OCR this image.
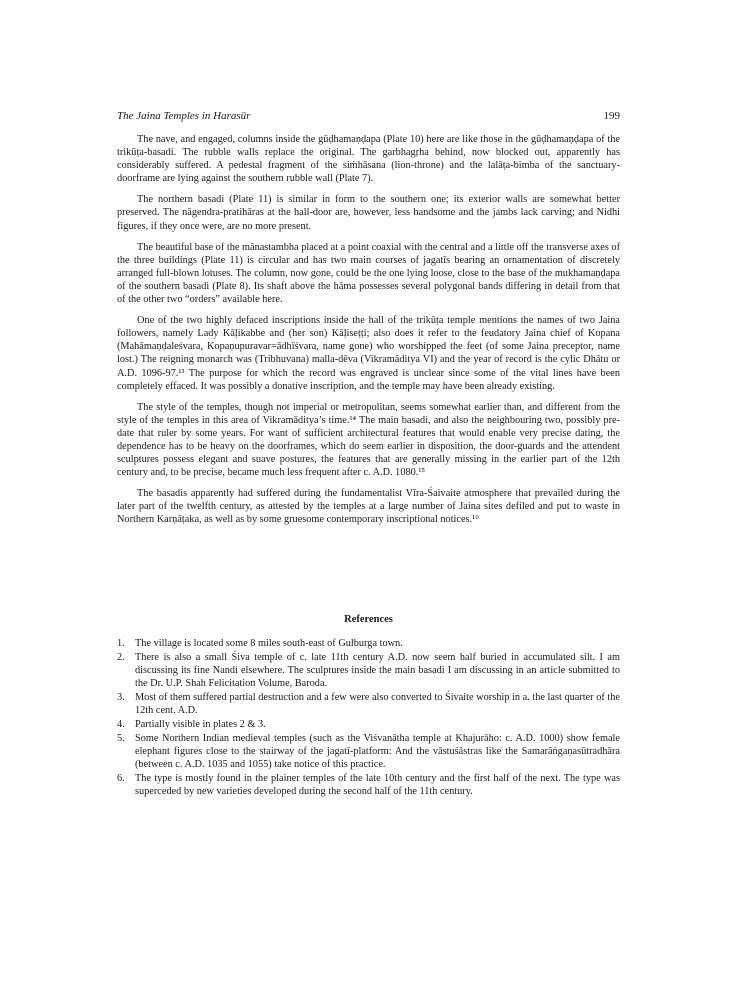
The Jaina Temples in Harasūr	199

The nave, and engaged, columns inside the gūḍhamaṇḍapa (Plate 10) here are like those in the gūḍhamaṇḍapa of the trikūṭa-basadi. The rubble walls replace the original. The garbhagṛha behind, now blocked out, apparently has considerably suffered. A pedestal fragment of the siṁhāsana (lion-throne) and the lalāṭa-bimba of the sanctuary-doorframe are lying against the southern rubble wall (Plate 7).

The northern basadi (Plate 11) is similar in form to the southern one; its exterior walls are somewhat better preserved. The nāgendra-pratihāras at the hall-door are, however, less handsome and the jambs lack carving; and Nidhi figures, if they once were, are no more present.

The beautiful base of the mānastambha placed at a point coaxial with the central and a little off the transverse axes of the three buildings (Plate 11) is circular and has two main courses of jagatīs bearing an ornamentation of discretely arranged full-blown lotuses. The column, now gone, could be the one lying loose, close to the base of the mukhamaṇḍapa of the southern basadi (Plate 8). Its shaft above the hāma possesses several polygonal bands differing in detail from that of the other two “orders” available here.

One of the two highly defaced inscriptions inside the hall of the trikūṭa temple mentions the names of two Jaina followers, namely Lady Kāḷikabbe and (her son) Kāḷiseṭṭi; also does it refer to the feudatory Jaina chief of Kopana (Mahāmaṇḍaleśvara, Kopaṇupuravar=ādhīśvara, name gone) who worshipped the feet (of some Jaina preceptor, name lost.) The reigning monarch was (Tribhuvana) malla-dēva (Vikramāditya VI) and the year of record is the cylic Dhātu or A.D. 1096-97.¹³ The purpose for which the record was engraved is unclear since some of the vital lines have been completely effaced. It was possibly a donative inscription, and the temple may have been already existing.

The style of the temples, though not imperial or metropolitan, seems somewhat earlier than, and different from the style of the temples in this area of Vikramāditya’s time.¹⁴ The main basadi, and also the neighbouring two, possibly pre-date that ruler by some years. For want of sufficient architectural features that would enable very precise dating, the dependence has to be heavy on the doorframes, which do seem earlier in disposition, the door-guards and the attendent sculptures possess elegant and suave postures, the features that are generally missing in the earlier part of the 12th century and, to be precise, became much less frequent after c. A.D. 1080.¹⁵

The basadis apparently had suffered during the fundamentalist Vīra-Śaivaite atmosphere that prevailed during the later part of the twelfth century, as attested by the temples at a large number of Jaina sites defiled and put to waste in Northern Karṇāṭaka, as well as by some gruesome contemporary inscriptional notices.¹⁶

References
1. The village is located some 8 miles south-east of Gulburga town.
2. There is also a small Śiva temple of c. late 11th century A.D. now seem half buried in accumulated silt. I am discussing its fine Nandi elsewhere. The sculptures inside the main basadi I am discussing in an article submitted to the Dr. U.P. Shah Felicitation Volume, Baroda.
3. Most of them suffered partial destruction and a few were also converted to Śivaite worship in a. the last quarter of the 12th cent. A.D.
4. Partially visible in plates 2 & 3.
5. Some Northern Indian medieval temples (such as the Viśvanātha temple at Khajurāho: c. A.D. 1000) show female elephant figures close to the stairway of the jagatī-platform: And the vāstuśāstras like the Samarāṅgaṇasūtradhāra (between c. A.D. 1035 and 1055) take notice of this practice.
6. The type is mostly found in the plainer temples of the late 10th century and the first half of the next. The type was superceded by new varieties developed during the second half of the 11th century.
